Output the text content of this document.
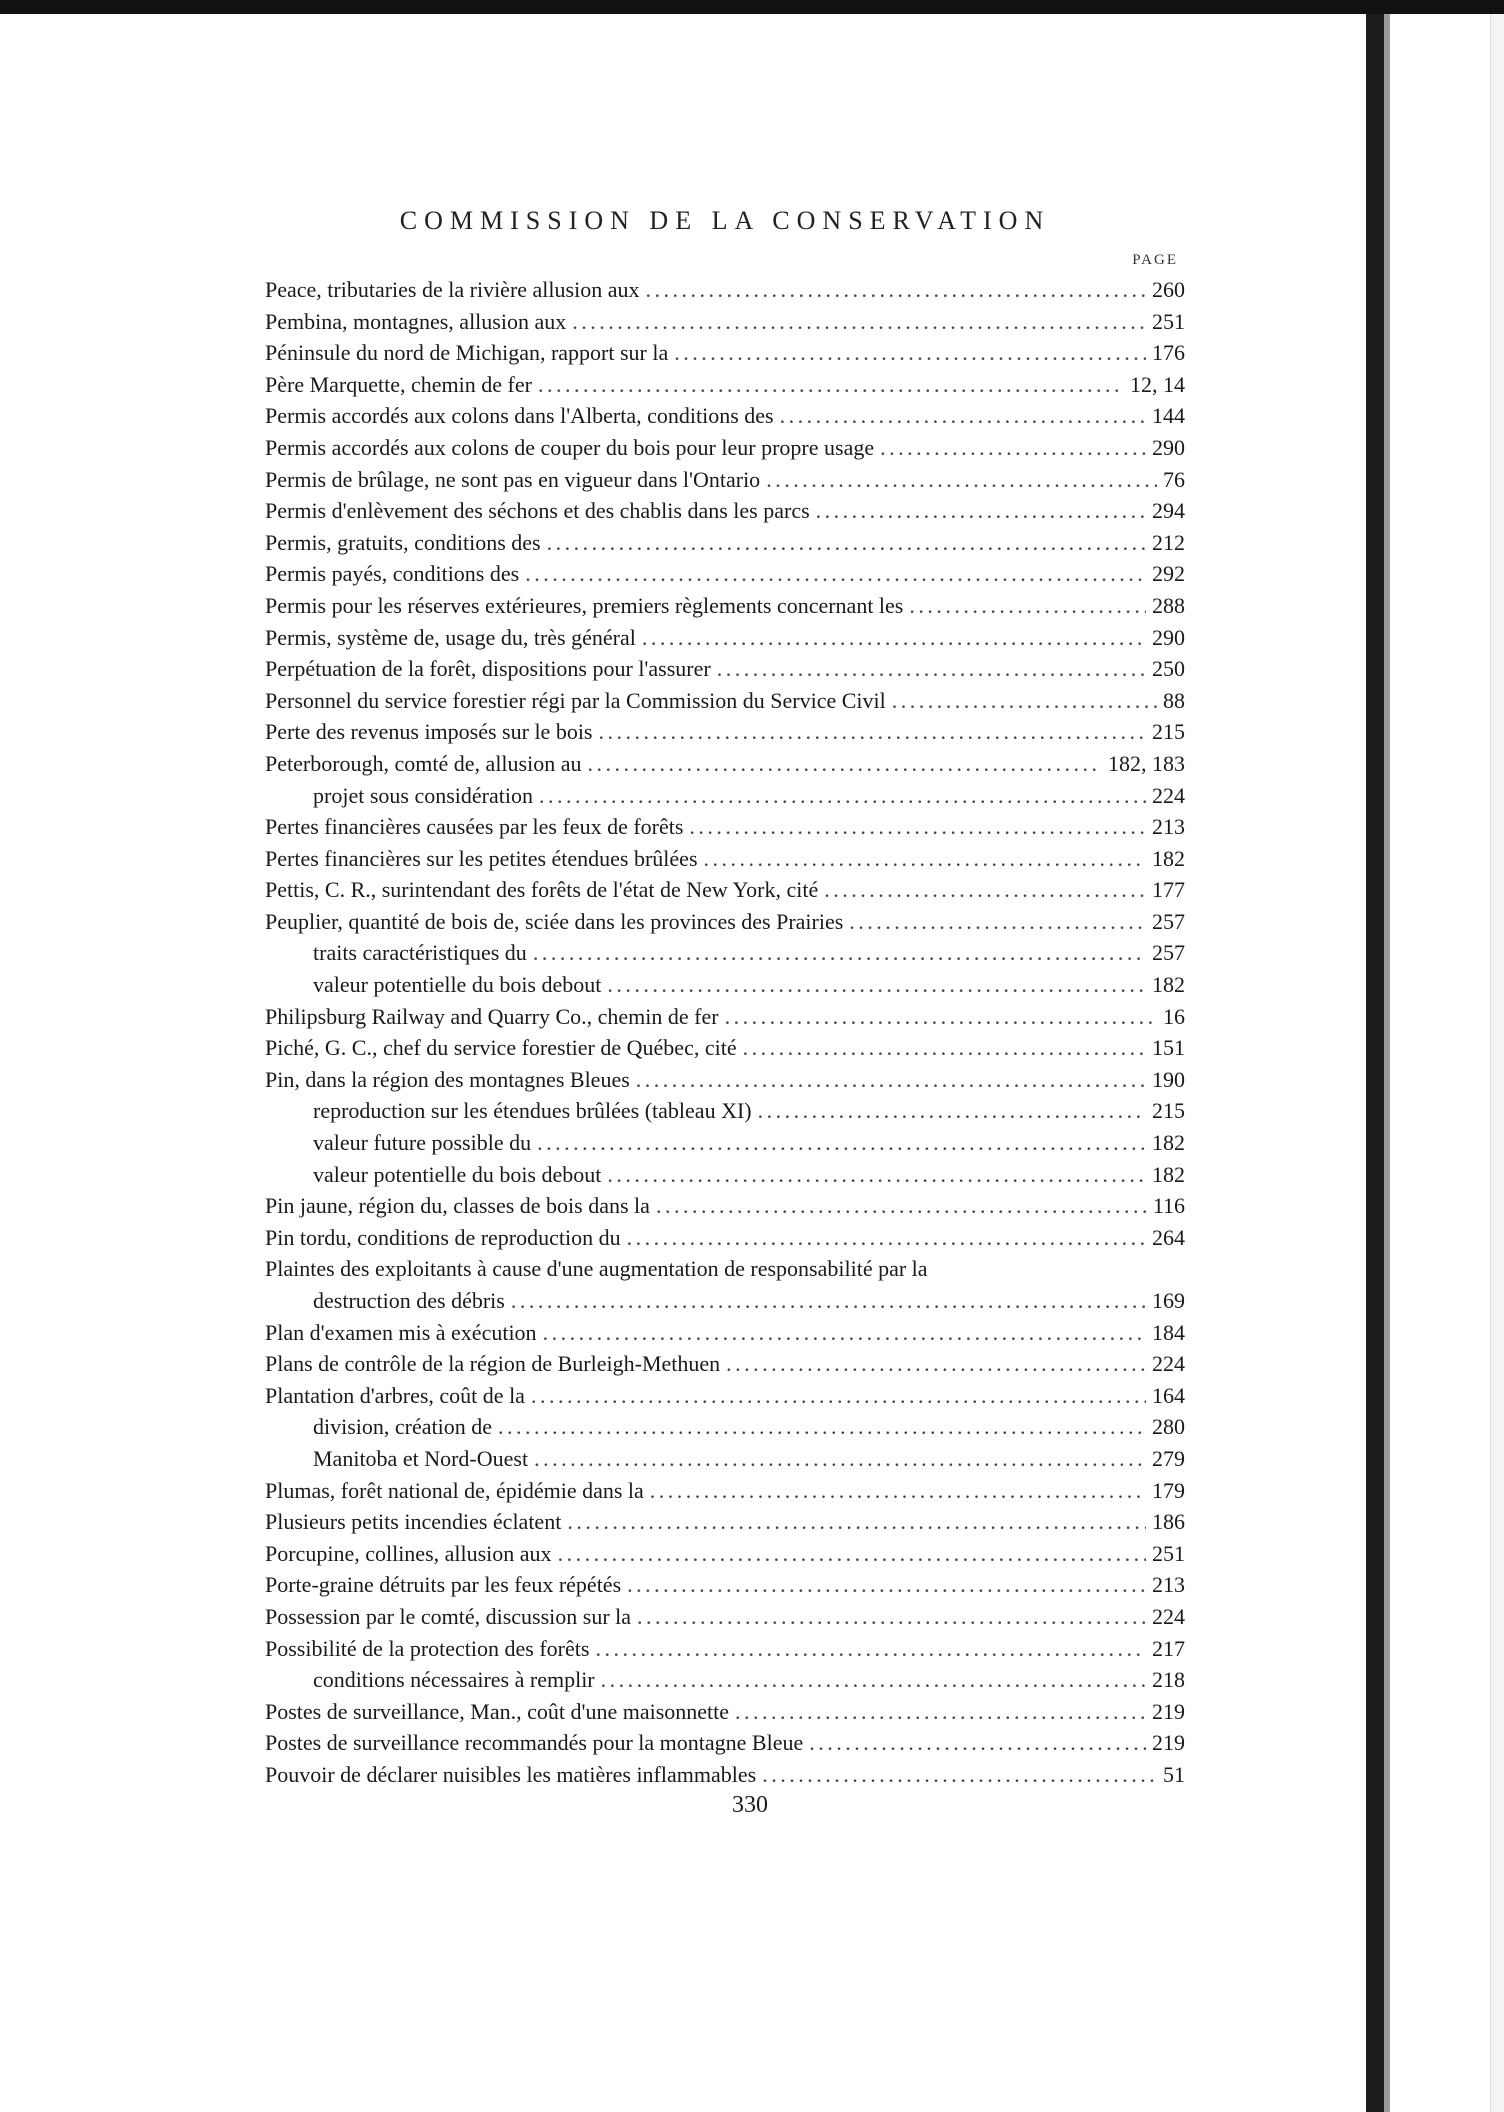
COMMISSION DE LA CONSERVATION
PAGE
Peace, tributaries de la rivière allusion aux . . .	260
Pembina, montagnes, allusion aux . . .	251
Péninsule du nord de Michigan, rapport sur la . . .	176
Père Marquette, chemin de fer . . .	12, 14
Permis accordés aux colons dans l'Alberta, conditions des . . .	144
Permis accordés aux colons de couper du bois pour leur propre usage . . .	290
Permis de brûlage, ne sont pas en vigueur dans l'Ontario . . .	76
Permis d'enlèvement des séchons et des chablis dans les parcs . . .	294
Permis, gratuits, conditions des . . .	212
Permis payés, conditions des . . .	292
Permis pour les réserves extérieures, premiers règlements concernant les . . .	288
Permis, système de, usage du, très général . . .	290
Perpétuation de la forêt, dispositions pour l'assurer . . .	250
Personnel du service forestier régi par la Commission du Service Civil . . .	88
Perte des revenus imposés sur le bois . . .	215
Peterborough, comté de, allusion au . . .	182, 183
projet sous considération . . .	224
Pertes financières causées par les feux de forêts . . .	213
Pertes financières sur les petites étendues brûlées . . .	182
Pettis, C. R., surintendant des forêts de l'état de New York, cité . . .	177
Peuplier, quantité de bois de, sciée dans les provinces des Prairies . . .	257
traits caractéristiques du . . .	257
valeur potentielle du bois debout . . .	182
Philipsburg Railway and Quarry Co., chemin de fer . . .	16
Piché, G. C., chef du service forestier de Québec, cité . . .	151
Pin, dans la région des montagnes Bleues . . .	190
reproduction sur les étendues brûlées (tableau XI) . . .	215
valeur future possible du . . .	182
valeur potentielle du bois debout . . .	182
Pin jaune, région du, classes de bois dans la . . .	116
Pin tordu, conditions de reproduction du . . .	264
Plaintes des exploitants à cause d'une augmentation de responsabilité par la
destruction des débris . . .	169
Plan d'examen mis à exécution . . .	184
Plans de contrôle de la région de Burleigh-Methuen . . .	224
Plantation d'arbres, coût de la . . .	164
division, création de . . .	280
Manitoba et Nord-Ouest . . .	279
Plumas, forêt national de, épidémie dans la . . .	179
Plusieurs petits incendies éclatent . . .	186
Porcupine, collines, allusion aux . . .	251
Porte-graine détruits par les feux répétés . . .	213
Possession par le comté, discussion sur la . . .	224
Possibilité de la protection des forêts . . .	217
conditions nécessaires à remplir . . .	218
Postes de surveillance, Man., coût d'une maisonnette . . .	219
Postes de surveillance recommandés pour la montagne Bleue . . .	219
Pouvoir de déclarer nuisibles les matières inflammables . . .	51
330
